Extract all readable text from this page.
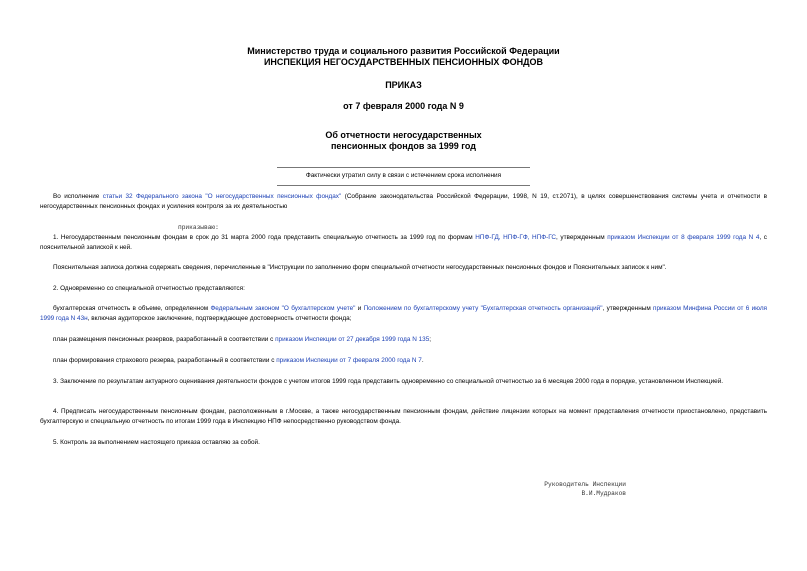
Министерство труда и социального развития Российской Федерации
ИНСПЕКЦИЯ НЕГОСУДАРСТВЕННЫХ ПЕНСИОННЫХ ФОНДОВ
ПРИКАЗ
от 7 февраля 2000 года N 9
Об отчетности негосударственных
пенсионных фондов за 1999 год
Фактически утратил силу в связи с истечением срока исполнения
Во исполнение статьи 32 Федерального закона "О негосударственных пенсионных фондах" (Собрание законодательства Российской Федерации, 1998, N 19, ст.2071), в целях совершенствования системы учета и отчетности в негосударственных пенсионных фондах и усиления контроля за их деятельностью
приказываю:
1. Негосударственным пенсионным фондам в срок до 31 марта 2000 года представить специальную отчетность за 1999 год по формам НПФ-ГД, НПФ-ГФ, НПФ-ГС, утвержденным приказом Инспекции от 8 февраля 1999 года N 4, с пояснительной запиской к ней.
Пояснительная записка должна содержать сведения, перечисленные в "Инструкции по заполнению форм специальной отчетности негосударственных пенсионных фондов и Пояснительных записок к ним".
2. Одновременно со специальной отчетностью представляются:
бухгалтерская отчетность в объеме, определенном Федеральным законом "О бухгалтерском учете" и Положением по бухгалтерскому учету "Бухгалтерская отчетность организаций", утвержденным приказом Минфина России от 6 июля 1999 года N 43н, включая аудиторское заключение, подтверждающее достоверность отчетности фонда;
план размещения пенсионных резервов, разработанный в соответствии с приказом Инспекции от 27 декабря 1999 года N 135;
план формирования страхового резерва, разработанный в соответствии с приказом Инспекции от 7 февраля 2000 года N 7.
3. Заключение по результатам актуарного оценивания деятельности фондов с учетом итогов 1999 года представить одновременно со специальной отчетностью за 6 месяцев 2000 года в порядке, установленном Инспекцией.
4. Предписать негосударственным пенсионным фондам, расположенным в г.Москве, а также негосударственным пенсионным фондам, действие лицензии которых на момент представления отчетности приостановлено, представить бухгалтерскую и специальную отчетность по итогам 1999 года в Инспекцию НПФ непосредственно руководством фонда.
5. Контроль за выполнением настоящего приказа оставляю за собой.
Руководитель Инспекции
В.И.Мудраков
